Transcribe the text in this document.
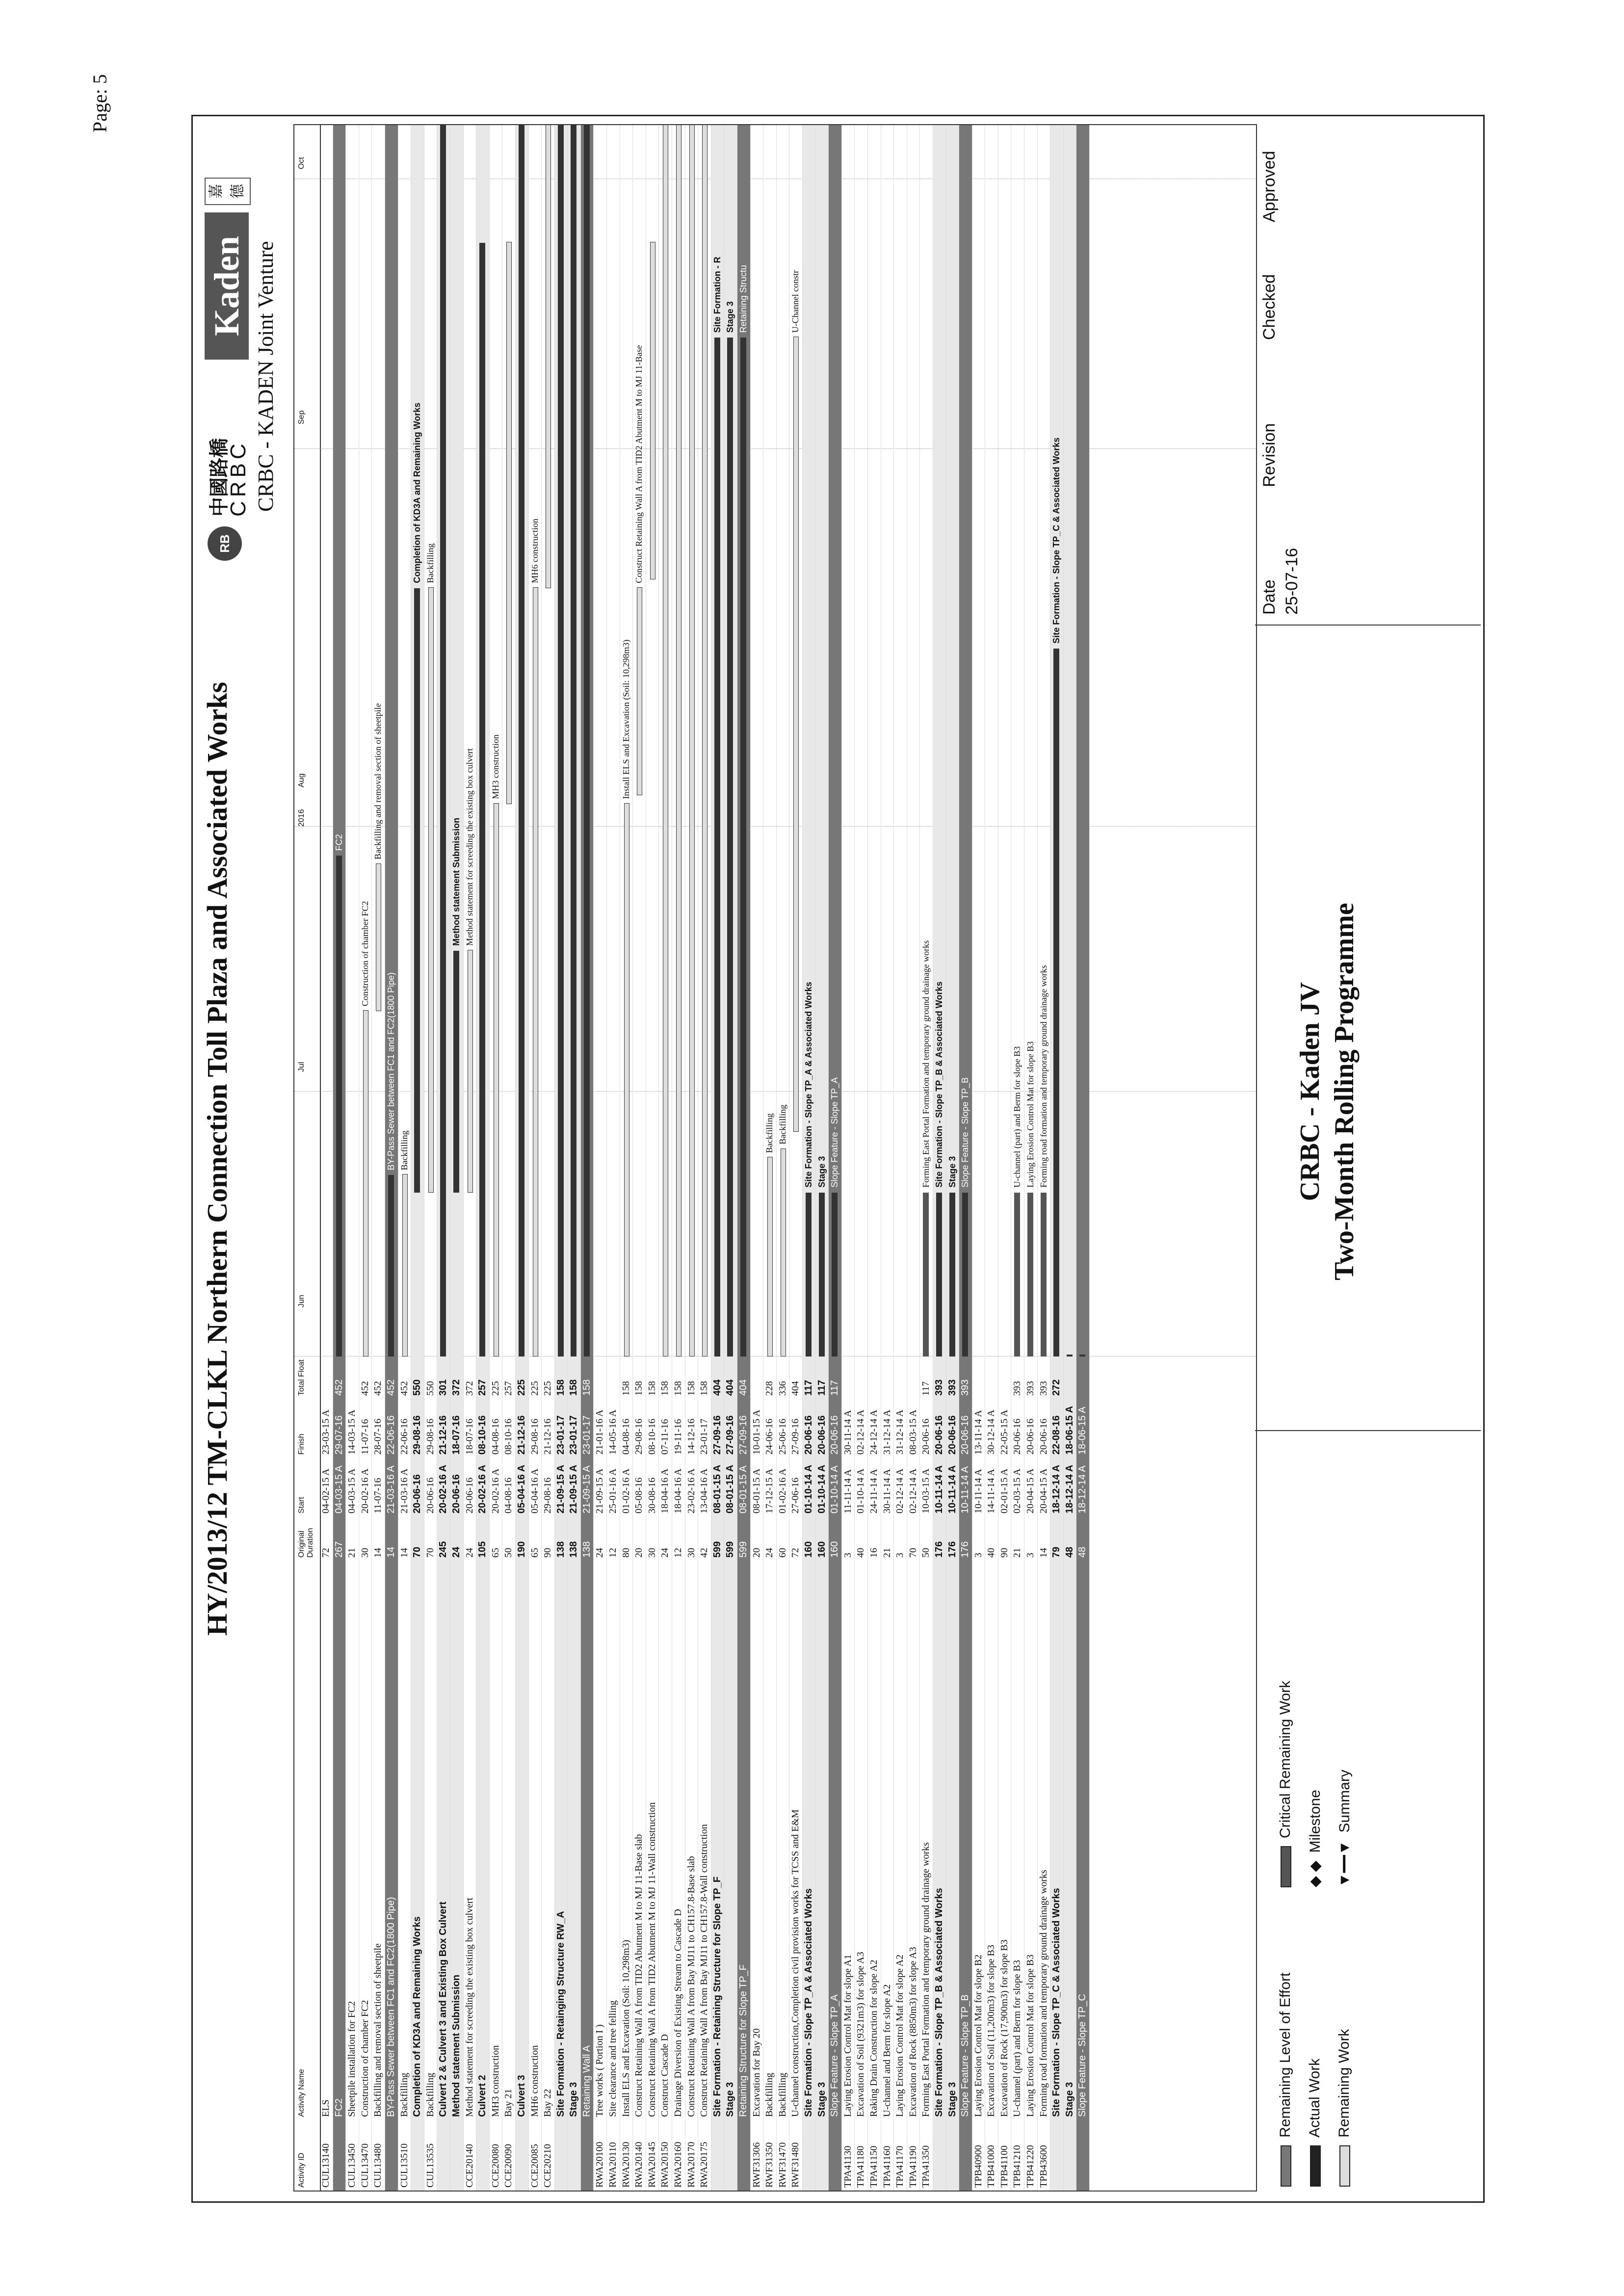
Page: 5
HY/2013/12 TM-CLKL Northern Connection Toll Plaza and Associated Works
RB
中國路橋
CRBC
Kaden
嘉 德
CRBC - KADEN Joint Venture
Activity ID
Activity Name
Original Duration
Start
Finish
Total Float
Jun
Jul
2016
Aug
Sep
Oct
CUL13140
ELS
72
04-02-15 A
23-03-15 A
FC2
267
04-03-15 A
29-07-16
452
FC2
CUL13450
Sheetpile installation for FC2
21
04-03-15 A
14-03-15 A
CUL13470
Construction of chamber FC2
30
20-02-16 A
11-07-16
452
Construction of chamber FC2
CUL13480
Backfilling and removal section of sheetpile
14
11-07-16
28-07-16
452
Backfilling and removal section of sheetpile
BY-Pass Sewer between FC1 and FC2(1800 Pipe)
14
21-03-16 A
22-06-16
452
BY-Pass Sewer between FC1 and FC2(1800 Pipe)
CUL13510
Backfilling
14
21-03-16 A
22-06-16
452
Backfilling
Completion of KD3A and Remaining Works
70
20-06-16
29-08-16
550
Completion of KD3A and Remaining Works
CUL13535
Backfilling
70
20-06-16
29-08-16
550
Backfilling
Culvert 2 & Culvert 3 and Existing Box Culvert
245
20-02-16 A
21-12-16
301
Method statement Submission
24
20-06-16
18-07-16
372
Method statement Submission
CCE20140
Method statement for screeding the existing box culvert
24
20-06-16
18-07-16
372
Method statement for screeding the existing box culvert
Culvert 2
105
20-02-16 A
08-10-16
257
CCE20080
MH3 construction
65
20-02-16 A
04-08-16
225
MH3 construction
CCE20090
Bay 21
50
04-08-16
08-10-16
257
Culvert 3
190
05-04-16 A
21-12-16
225
CCE20085
MH6 construction
65
05-04-16 A
29-08-16
225
MH6 construction
CCE20210
Bay 22
90
29-08-16
21-12-16
225
Site Formation - Retainging Structure RW_A
138
21-09-15 A
23-01-17
158
Stage 3
138
21-09-15 A
23-01-17
158
Retaining Wall A
138
21-09-15 A
23-01-17
158
RWA20100
Tree works ( Portion I )
24
21-09-15 A
21-01-16 A
RWA20110
Site clearance and tree felling
12
25-01-16 A
14-05-16 A
RWA20130
Install ELS and Excavation (Soil: 10,298m3)
80
01-02-16 A
04-08-16
158
Install ELS and Excavation (Soil: 10,298m3)
RWA20140
Construct Retaining Wall A from TID2 Abutment M to MJ 11-Base slab
20
05-08-16
29-08-16
158
Construct Retaining Wall A from TID2 Abutment M to MJ 11-Base
RWA20145
Construct Retaining Wall A from TID2 Abutment M to MJ 11-Wall construction
30
30-08-16
08-10-16
158
RWA20150
Construct Cascade D
24
18-04-16 A
07-11-16
158
RWA20160
Drainage Diversion of Existing Stream to Cascade D
12
18-04-16 A
19-11-16
158
RWA20170
Construct Retaining Wall A from Bay MJ11 to CH157.8-Base slab
30
23-02-16 A
14-12-16
158
RWA20175
Construct Retaining Wall A from Bay MJ11 to CH157.8-Wall construction
42
13-04-16 A
23-01-17
158
Site Formation - Retaining Structure for Slope TP_F
599
08-01-15 A
27-09-16
404
Site Formation - R
Stage 3
599
08-01-15 A
27-09-16
404
Stage 3
Retaining Structure for Slope TP_F
599
08-01-15 A
27-09-16
404
Retaining Structu
RWF31306
Excavation for Bay 20
20
08-01-15 A
10-01-15 A
RWF31350
Backfilling
24
17-12-15 A
24-06-16
228
Backfilling
RWF31470
Backfilling
60
01-02-16 A
25-06-16
336
Backfilling
RWF31480
U-channel construction,Completion civil provision works for TCSS and E&M
72
27-06-16
27-09-16
404
U-Channel constr
Site Formation - Slope TP_A & Associated Works
160
01-10-14 A
20-06-16
117
Site Formation - Slope TP_A & Associated Works
Stage 3
160
01-10-14 A
20-06-16
117
Stage 3
Slope Feature - Slope TP_A
160
01-10-14 A
20-06-16
117
Slope Feature - Slope TP_A
TPA41130
Laying Erosion Control Mat for slope A1
3
11-11-14 A
30-11-14 A
TPA41180
Excavation of Soil (9321m3) for slope A3
40
01-10-14 A
02-12-14 A
TPA41150
Raking Drain Construction for slope A2
16
24-11-14 A
24-12-14 A
TPA41160
U-channel and Berm for slope A2
21
30-11-14 A
31-12-14 A
TPA41170
Laying Erosion Control Mat for slope A2
3
02-12-14 A
31-12-14 A
TPA41190
Excavation of Rock (8850m3) for slope A3
70
02-12-14 A
08-03-15 A
TPA41350
Forming East Portal Formation and temporary ground drainage works
50
10-03-15 A
20-06-16
117
Forming East Portal Formation and temporary ground drainage works
Site Formation - Slope TP_B & Associated Works
176
10-11-14 A
20-06-16
393
Site Formation - Slope TP_B & Associated Works
Stage 3
176
10-11-14 A
20-06-16
393
Stage 3
Slope Feature - Slope TP_B
176
10-11-14 A
20-06-16
393
Slope Feature - Slope TP_B
TPB40900
Laying Erosion Control Mat for slope B2
3
10-11-14 A
13-11-14 A
TPB41000
Excavation of Soil (11,200m3) for slope B3
40
14-11-14 A
30-12-14 A
TPB41100
Excavation of Rock (17,900m3) for slope B3
90
02-01-15 A
22-05-15 A
TPB41210
U-channel (part) and Berm for slope B3
21
02-03-15 A
20-06-16
393
U-channel (part) and Berm for slope B3
TPB41220
Laying Erosion Control Mat for slope B3
3
20-04-15 A
20-06-16
393
Laying Erosion Control Mat for slope B3
TPB43600
Forming road formation and temporary ground drainage works
14
20-04-15 A
20-06-16
393
Forming road formation and temporary ground drainage works
Site Formation - Slope TP_C & Associated Works
79
18-12-14 A
22-08-16
272
Site Formation - Slope TP_C & Associated Works
Stage 3
48
18-12-14 A
18-06-15 A
Slope Feature - Slope TP_C
48
18-12-14 A
18-06-15 A
Remaining Level of Effort Actual Work Remaining Work
Critical Remaining Work
◆ ◆Milestone
▼━━▼Summary
CRBC - Kaden JV Two-Month Rolling Programme
Date 25-07-16
Revision
Checked
Approved
